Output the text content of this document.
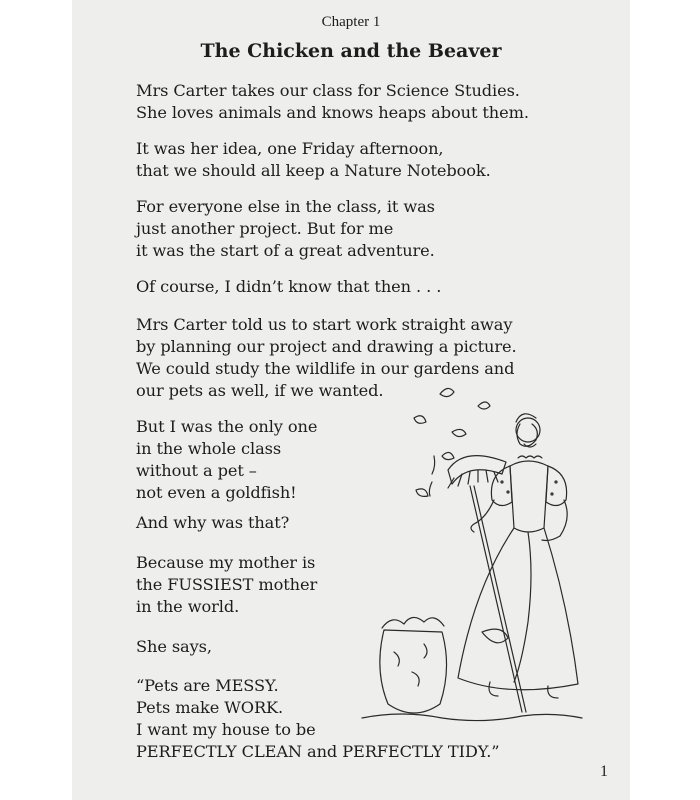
Chapter 1
The Chicken and the Beaver

Mrs Carter takes our class for Science Studies.
She loves animals and knows heaps about them.

It was her idea, one Friday afternoon,
that we should all keep a Nature Notebook.

For everyone else in the class, it was
just another project. But for me
it was the start of a great adventure.

Of course, I didn’t know that then . . .

Mrs Carter told us to start work straight away
by planning our project and drawing a picture.
We could study the wildlife in our gardens and
our pets as well, if we wanted.

But I was the only one
in the whole class
without a pet –
not even a goldfish!

And why was that?

Because my mother is
the FUSSIEST mother
in the world.

She says,

“Pets are MESSY.
Pets make WORK.
I want my house to be
PERFECTLY CLEAN and PERFECTLY TIDY.”

1
